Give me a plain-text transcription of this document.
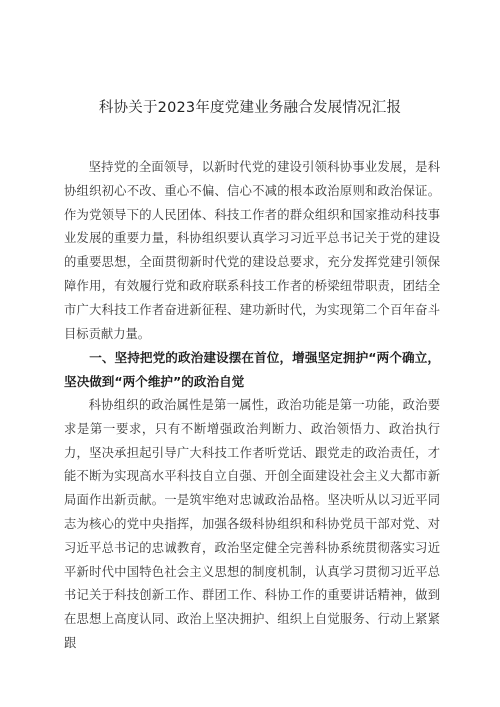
科协关于2023年度党建业务融合发展情况汇报

坚持党的全面领导，以新时代党的建设引领科协事业发展，是科协组织初心不改、重心不偏、信心不减的根本政治原则和政治保证。作为党领导下的人民团体、科技工作者的群众组织和国家推动科技事业发展的重要力量，科协组织要认真学习习近平总书记关于党的建设的重要思想，全面贯彻新时代党的建设总要求，充分发挥党建引领保障作用，有效履行党和政府联系科技工作者的桥梁纽带职责，团结全市广大科技工作者奋进新征程、建功新时代，为实现第二个百年奋斗目标贡献力量。

一、坚持把党的政治建设摆在首位，增强坚定拥护“两个确立，坚决做到“两个维护”的政治自觉

科协组织的政治属性是第一属性，政治功能是第一功能，政治要求是第一要求，只有不断增强政治判断力、政治领悟力、政治执行力，坚决承担起引导广大科技工作者听党话、跟党走的政治责任，才能不断为实现高水平科技自立自强、开创全面建设社会主义大都市新局面作出新贡献。一是筑牢绝对忠诚政治品格。坚决听从以习近平同志为核心的党中央指挥，加强各级科协组织和科协党员干部对党、对习近平总书记的忠诚教育，政治坚定健全完善科协系统贯彻落实习近平新时代中国特色社会主义思想的制度机制，认真学习贯彻习近平总书记关于科技创新工作、群团工作、科协工作的重要讲话精神，做到在思想上高度认同、政治上坚决拥护、组织上自觉服务、行动上紧紧跟
